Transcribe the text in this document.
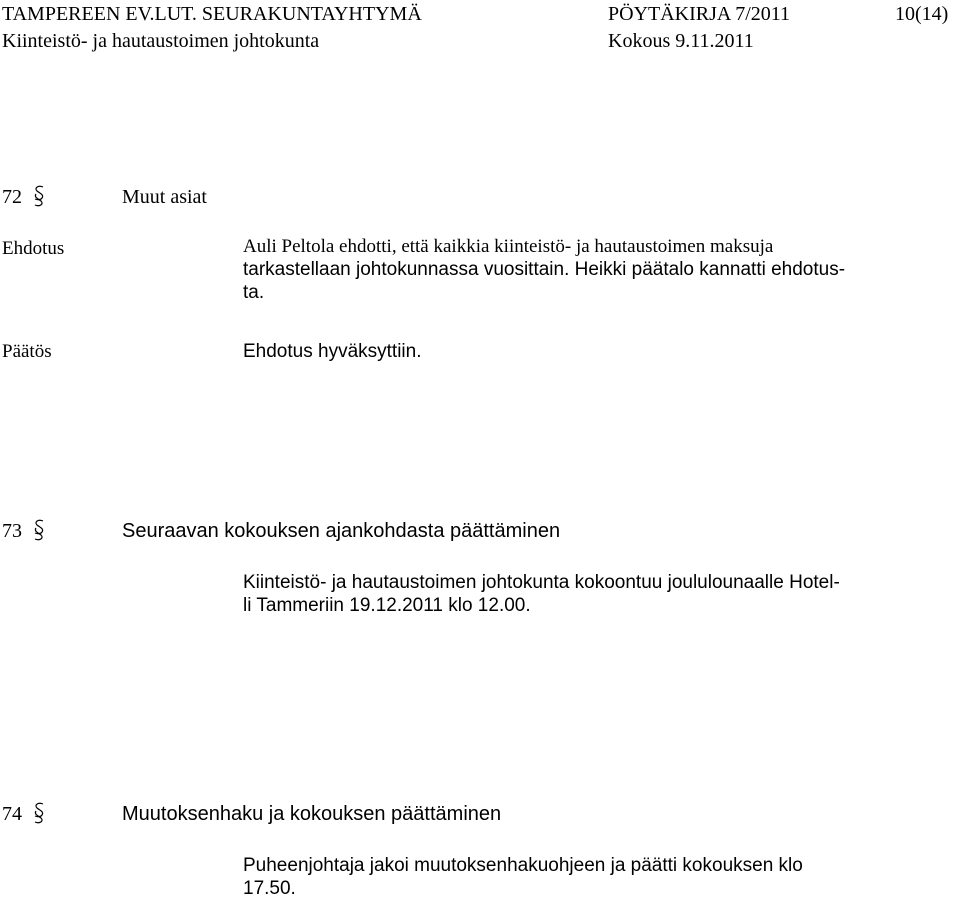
TAMPEREEN EV.LUT. SEURAKUNTAYHTYMÄ	PÖYTÄKIRJA 7/2011	10(14)
Kiinteistö- ja hautaustoimen johtokunta	Kokous 9.11.2011
72	Muut asiat
Ehdotus	Auli Peltola ehdotti, että kaikkia kiinteistö- ja hautaustoimen maksuja
tarkastellaan johtokunnassa vuosittain. Heikki päätalo kannatti ehdotus-
ta.
Päätös	Ehdotus hyväksyttiin.
73	Seuraavan kokouksen ajankohdasta päättäminen
Kiinteistö- ja hautaustoimen johtokunta kokoontuu joululounaalle Hotel-
li Tammeriin 19.12.2011 klo 12.00.
74	Muutoksenhaku ja kokouksen päättäminen
Puheenjohtaja jakoi muutoksenhakuohjeen ja päätti kokouksen klo
17.50.
